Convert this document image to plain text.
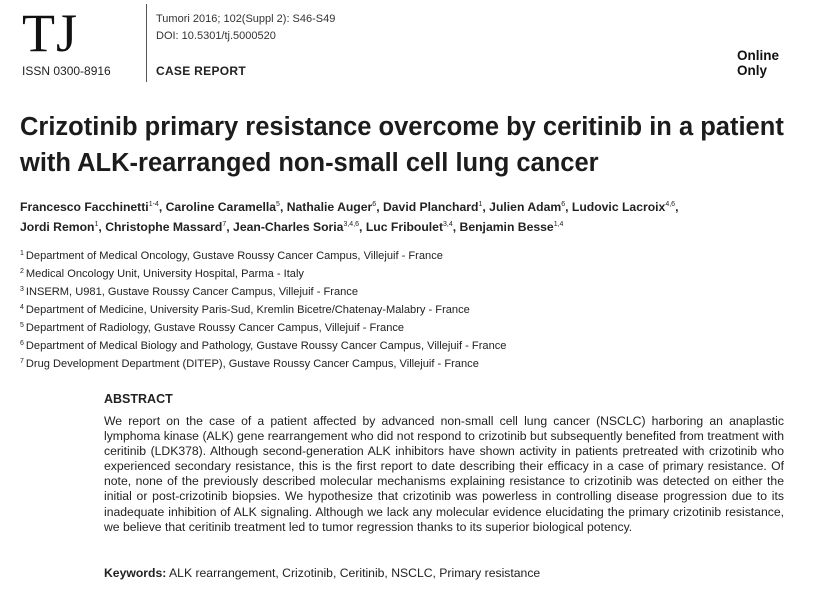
TJ
ISSN 0300-8916
Tumori 2016; 102(Suppl 2): S46-S49
DOI: 10.5301/tj.5000520
CASE REPORT
Online
Only
Crizotinib primary resistance overcome by ceritinib in a patient with ALK-rearranged non-small cell lung cancer
Francesco Facchinetti$^{1-4}$, Caroline Caramella$^5$, Nathalie Auger$^6$, David Planchard$^1$, Julien Adam$^6$, Ludovic Lacroix$^{4,6}$,
Jordi Remon$^1$, Christophe Massard$^7$, Jean-Charles Soria$^{3,4,6}$, Luc Friboulet$^{3,4}$, Benjamin Besse$^{1,4}$
$^1$ Department of Medical Oncology, Gustave Roussy Cancer Campus, Villejuif - France
$^2$ Medical Oncology Unit, University Hospital, Parma - Italy
$^3$ INSERM, U981, Gustave Roussy Cancer Campus, Villejuif - France
$^4$ Department of Medicine, University Paris-Sud, Kremlin Bicetre/Chatenay-Malabry - France
$^5$ Department of Radiology, Gustave Roussy Cancer Campus, Villejuif - France
$^6$ Department of Medical Biology and Pathology, Gustave Roussy Cancer Campus, Villejuif - France
$^7$ Drug Development Department (DITEP), Gustave Roussy Cancer Campus, Villejuif - France
ABSTRACT

We report on the case of a patient affected by advanced non-small cell lung cancer (NSCLC) harboring an anaplastic lymphoma kinase (ALK) gene rearrangement who did not respond to crizotinib but subsequently benefited from treatment with ceritinib (LDK378). Although second-generation ALK inhibitors have shown activity in patients pretreated with crizotinib who experienced secondary resistance, this is the first report to date describing their efficacy in a case of primary resistance. Of note, none of the previously described molecular mechanisms explaining resistance to crizotinib was detected on either the initial or post-crizotinib biopsies. We hypothesize that crizotinib was powerless in controlling disease progression due to its inadequate inhibition of ALK signaling. Although we lack any molecular evidence elucidating the primary crizotinib resistance, we believe that ceritinib treatment led to tumor regression thanks to its superior biological potency.

Keywords: ALK rearrangement, Crizotinib, Ceritinib, NSCLC, Primary resistance
